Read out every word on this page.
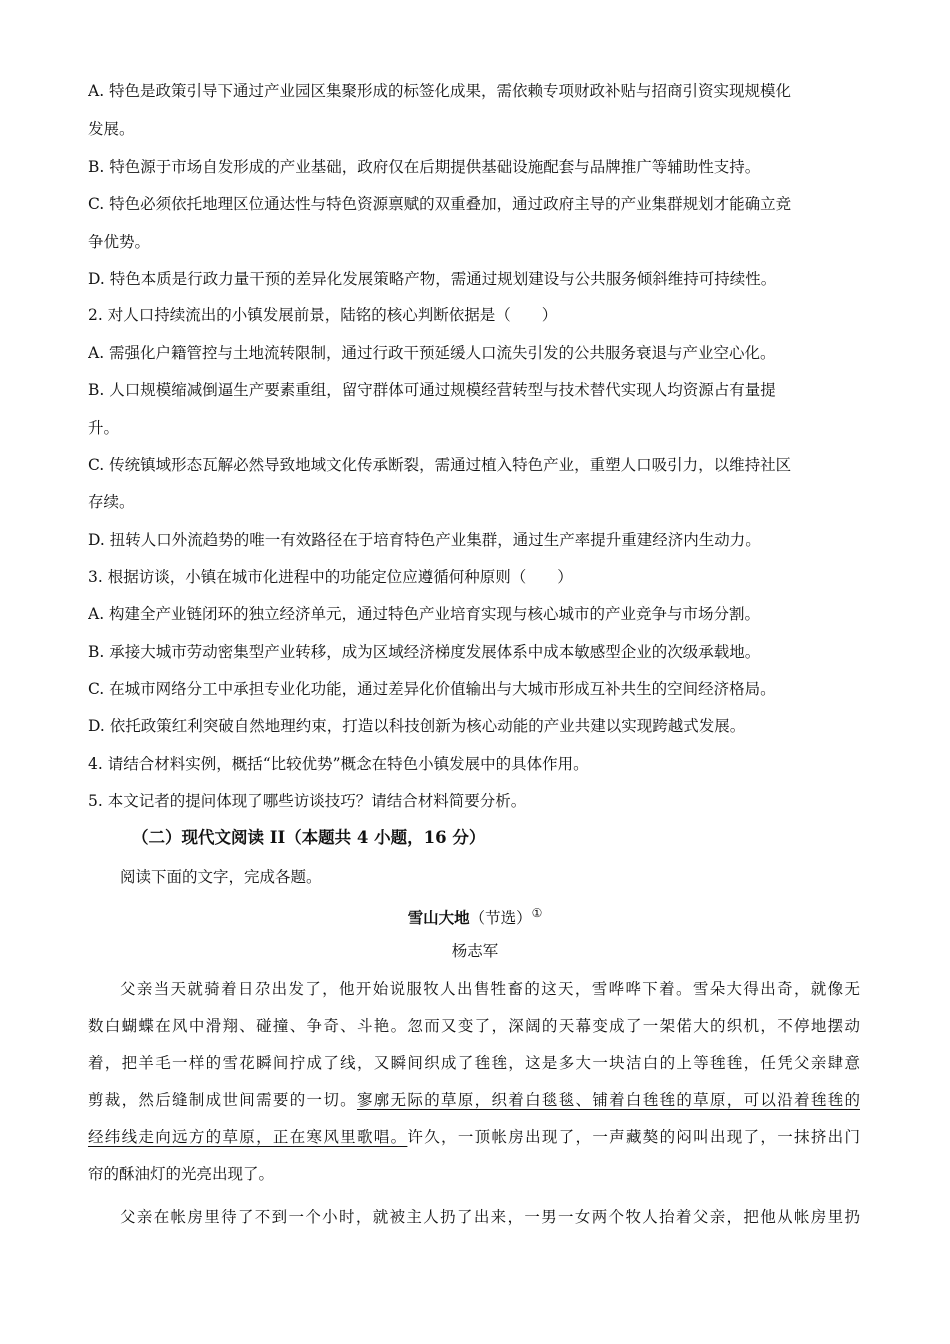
A. 特色是政策引导下通过产业园区集聚形成的标签化成果，需依赖专项财政补贴与招商引资实现规模化
发展。
B. 特色源于市场自发形成的产业基础，政府仅在后期提供基础设施配套与品牌推广等辅助性支持。
C. 特色必须依托地理区位通达性与特色资源禀赋的双重叠加，通过政府主导的产业集群规划才能确立竞
争优势。
D. 特色本质是行政力量干预的差异化发展策略产物，需通过规划建设与公共服务倾斜维持可持续性。
2. 对人口持续流出的小镇发展前景，陆铭的核心判断依据是（　　）
A. 需强化户籍管控与土地流转限制，通过行政干预延缓人口流失引发的公共服务衰退与产业空心化。
B. 人口规模缩减倒逼生产要素重组，留守群体可通过规模经营转型与技术替代实现人均资源占有量提
升。
C. 传统镇域形态瓦解必然导致地域文化传承断裂，需通过植入特色产业，重塑人口吸引力，以维持社区
存续。
D. 扭转人口外流趋势的唯一有效路径在于培育特色产业集群，通过生产率提升重建经济内生动力。
3. 根据访谈，小镇在城市化进程中的功能定位应遵循何种原则（　　）
A. 构建全产业链闭环的独立经济单元，通过特色产业培育实现与核心城市的产业竞争与市场分割。
B. 承接大城市劳动密集型产业转移，成为区域经济梯度发展体系中成本敏感型企业的次级承载地。
C. 在城市网络分工中承担专业化功能，通过差异化价值输出与大城市形成互补共生的空间经济格局。
D. 依托政策红利突破自然地理约束，打造以科技创新为核心动能的产业共建以实现跨越式发展。
4. 请结合材料实例，概括“比较优势”概念在特色小镇发展中的具体作用。
5. 本文记者的提问体现了哪些访谈技巧？请结合材料简要分析。
（二）现代文阅读 II（本题共 4 小题，16 分）
阅读下面的文字，完成各题。
雪山大地（节选）①
杨志军
父亲当天就骑着日尕出发了，他开始说服牧人出售牲畜的这天，雪哗哗下着。雪朵大得出奇，就像无
数白蝴蝶在风中滑翔、碰撞、争奇、斗艳。忽而又变了，深阔的天幕变成了一架偌大的织机，不停地摆动
着，把羊毛一样的雪花瞬间拧成了线，又瞬间织成了毪毪，这是多大一块洁白的上等毪毪，任凭父亲肆意
剪裁，然后缝制成世间需要的一切。寥廓无际的草原，织着白毯毯、铺着白毪毪的草原，可以沿着毪毪的
经纬线走向远方的草原，正在寒风里歌唱。许久，一顶帐房出现了，一声藏獒的闷叫出现了，一抹挤出门
帘的酥油灯的光亮出现了。
父亲在帐房里待了不到一个小时，就被主人扔了出来，一男一女两个牧人抬着父亲，把他从帐房里扔
